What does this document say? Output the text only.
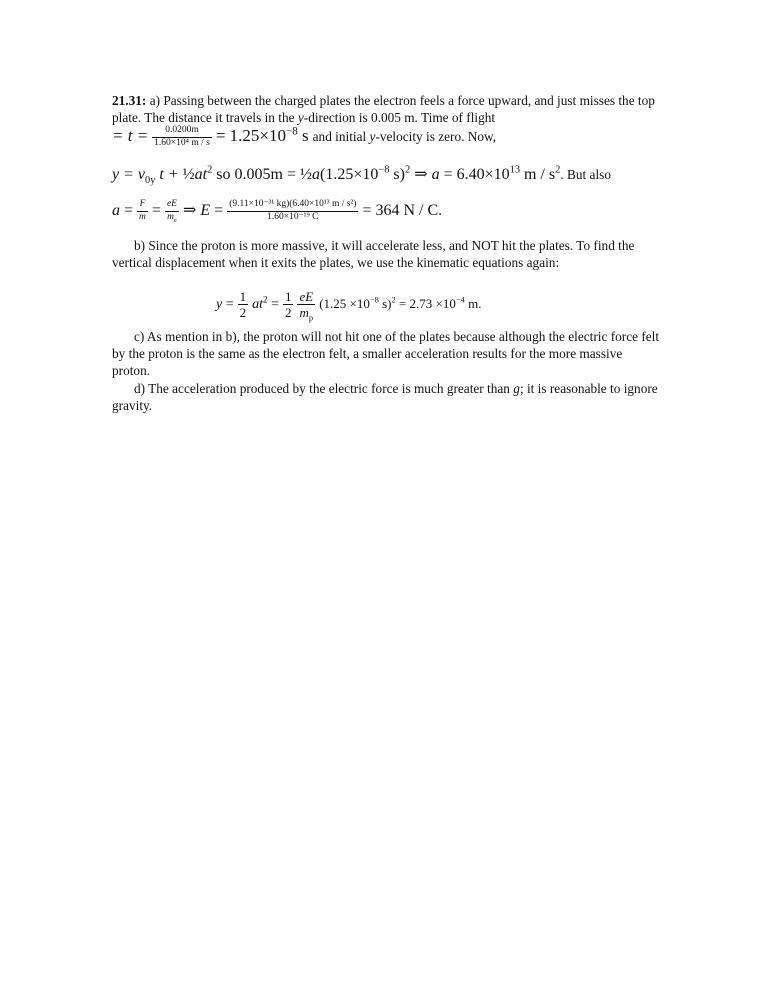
21.31: a) Passing between the charged plates the electron feels a force upward, and just misses the top plate. The distance it travels in the y-direction is 0.005 m. Time of flight

= $t = \frac{0.0200m}{\text{1.60×10⁴ m / s}} = 1.25\times 10^{-8}$ s and initial y-velocity is zero. Now,
$y = v_{0y}$ $t + \frac{1}{2}at^2$ so $0.005m = \frac{1}{2}a(1.25\times 10^{-8}$ s)$^2$ ⇒ $a = 6.40\times 10^{13}$ m / $s^2$. But also
$a = \frac{F}{m} = \frac{eE}{m_e}$ ⇒ $E = \frac{\text{(9.11×10⁻³¹ kg)(6.40×10¹³ m / s²)}}{\text{1.60×10⁻¹⁹ C}} = 364$ N / C.

b) Since the proton is more massive, it will accelerate less, and NOT hit the plates. To find the vertical displacement when it exits the plates, we use the kinematic equations again:

$y = \frac{1}{2} at^2 = \frac{1}{2}$
$\frac{eE}{m_p} (1.25 \times 10^{-8}$ $s)^2 = 2.73 \times 10^{-4}$ m.

c) As mention in b), the proton will not hit one of the plates because although the electric force felt by the proton is the same as the electron felt, a smaller acceleration results for the more massive proton.

d) The acceleration produced by the electric force is much greater than g; it is reasonable to ignore gravity.
